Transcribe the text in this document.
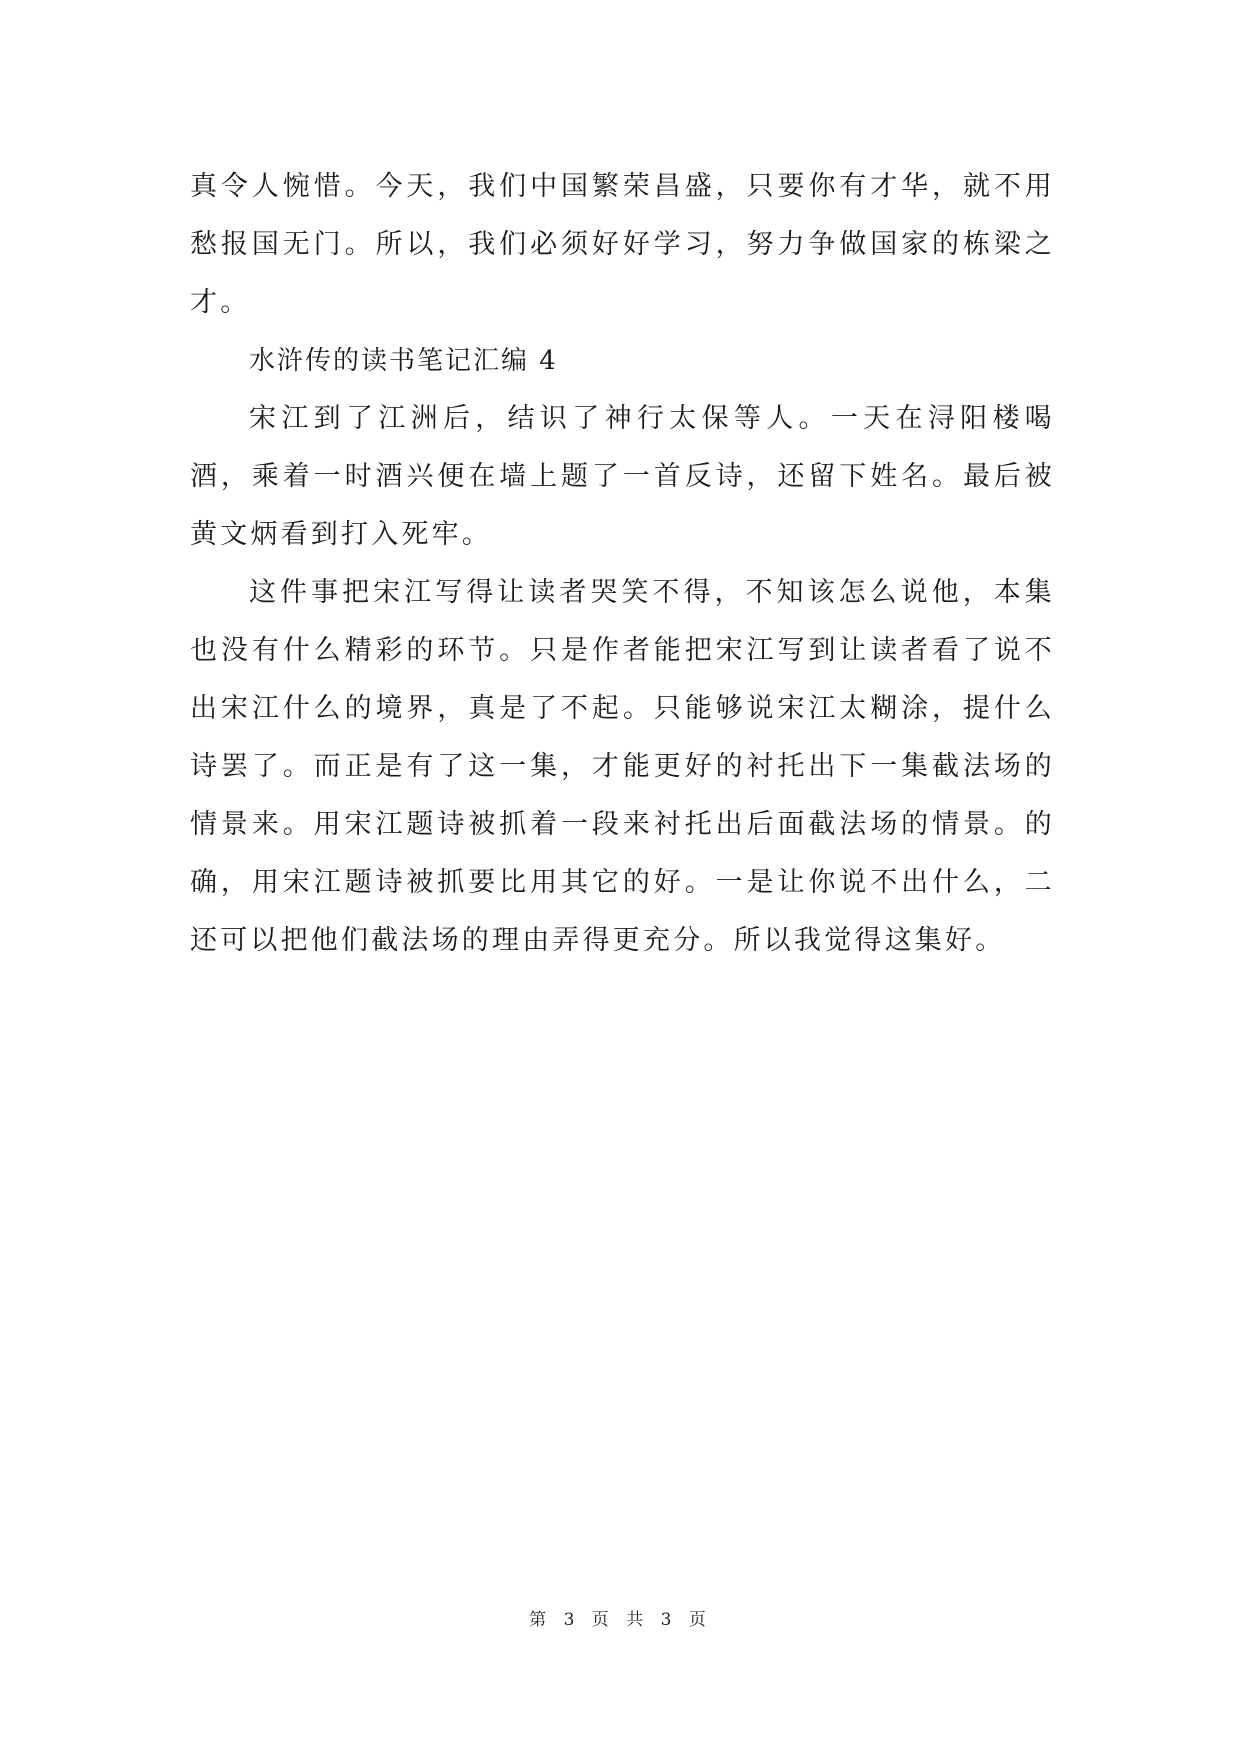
真令人惋惜。今天，我们中国繁荣昌盛，只要你有才华，就不用愁报国无门。所以，我们必须好好学习，努力争做国家的栋梁之才。

水浒传的读书笔记汇编 4

宋江到了江洲后，结识了神行太保等人。一天在浔阳楼喝酒，乘着一时酒兴便在墙上题了一首反诗，还留下姓名。最后被黄文炳看到打入死牢。

这件事把宋江写得让读者哭笑不得，不知该怎么说他，本集也没有什么精彩的环节。只是作者能把宋江写到让读者看了说不出宋江什么的境界，真是了不起。只能够说宋江太糊涂，提什么诗罢了。而正是有了这一集，才能更好的衬托出下一集截法场的情景来。用宋江题诗被抓着一段来衬托出后面截法场的情景。的确，用宋江题诗被抓要比用其它的好。一是让你说不出什么，二还可以把他们截法场的理由弄得更充分。所以我觉得这集好。

第 3 页 共 3 页
